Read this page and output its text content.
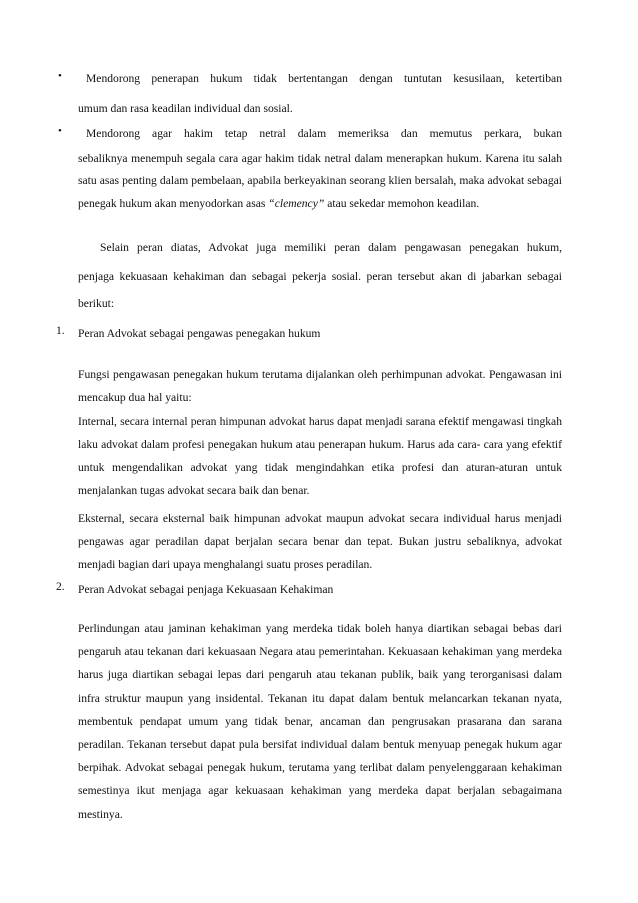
• Mendorong penerapan hukum tidak bertentangan dengan tuntutan kesusilaan, ketertiban

umum dan rasa keadilan individual dan sosial.

• Mendorong agar hakim tetap netral dalam memeriksa dan memutus perkara, bukan

sebaliknya menempuh segala cara agar hakim tidak netral dalam menerapkan hukum. Karena itu salah satu asas penting dalam pembelaan, apabila berkeyakinan seorang klien bersalah, maka advokat sebagai penegak hukum akan menyodorkan asas “clemency” atau sekedar memohon keadilan.

Selain peran diatas, Advokat juga memiliki peran dalam pengawasan penegakan hukum,

penjaga kekuasaan kehakiman dan sebagai pekerja sosial. peran tersebut akan di jabarkan sebagai berikut:

1. Peran Advokat sebagai pengawas penegakan hukum

Fungsi pengawasan penegakan hukum terutama dijalankan oleh perhimpunan advokat. Pengawasan ini mencakup dua hal yaitu:

Internal, secara internal peran himpunan advokat harus dapat menjadi sarana efektif mengawasi tingkah laku advokat dalam profesi penegakan hukum atau penerapan hukum. Harus ada cara- cara yang efektif untuk mengendalikan advokat yang tidak mengindahkan etika profesi dan aturan-aturan untuk menjalankan tugas advokat secara baik dan benar.

Eksternal, secara eksternal baik himpunan advokat maupun advokat secara individual harus menjadi pengawas agar peradilan dapat berjalan secara benar dan tepat. Bukan justru sebaliknya, advokat menjadi bagian dari upaya menghalangi suatu proses peradilan.

2. Peran Advokat sebagai penjaga Kekuasaan Kehakiman

Perlindungan atau jaminan kehakiman yang merdeka tidak boleh hanya diartikan sebagai bebas dari pengaruh atau tekanan dari kekuasaan Negara atau pemerintahan. Kekuasaan kehakiman yang merdeka harus juga diartikan sebagai lepas dari pengaruh atau tekanan publik, baik yang terorganisasi dalam infra struktur maupun yang insidental. Tekanan itu dapat dalam bentuk melancarkan tekanan nyata, membentuk pendapat umum yang tidak benar, ancaman dan pengrusakan prasarana dan sarana peradilan. Tekanan tersebut dapat pula bersifat individual dalam bentuk menyuap penegak hukum agar berpihak. Advokat sebagai penegak hukum, terutama yang terlibat dalam penyelenggaraan kehakiman semestinya ikut menjaga agar kekuasaan kehakiman yang merdeka dapat berjalan sebagaimana mestinya.
